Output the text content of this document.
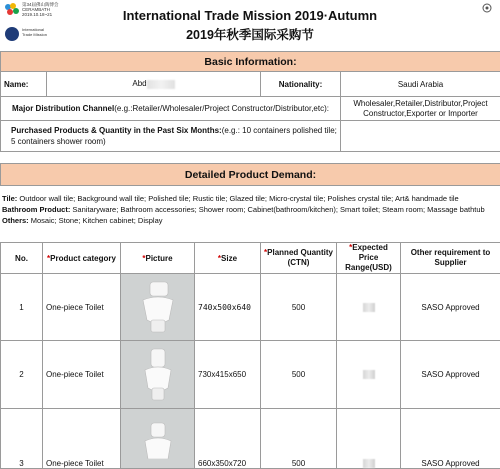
第34届佛山陶博会 CERAMBATH 2019.10.18~21
International Trade Mission
International Trade Mission 2019·Autumn
2019年秋季国际采购节
Basic Information:			
Name:	Abd	Nationality:	Saudi Arabia
Major Distribution Channel(e.g.:Retailer/Wholesaler/Project Constructor/Distributor,etc):			Wholesaler,Retailer,Distributor,Project Constructor,Exporter or Importer
Purchased Products & Quantity in the Past Six Months:(e.g.: 10 containers polished tile; 5 containers shower room)			

Detailed Product Demand:			
Tile: Outdoor wall tile; Background wall tile; Polished tile; Rustic tile; Glazed tile; Micro-crystal tile; Polishes crystal tile; Art& handmade tile
Bathroom Product: Sanitaryware; Bathroom accessories; Shower room; Cabinet(bathroom/kitchen); Smart toilet; Steam room; Massage bathtub
Others: Mosaic; Stone; Kitchen cabinet; Display
No.	*Product category	*Picture	*Size	*Planned Quantity (CTN)	*Expected Price Range(USD)	Other requirement to Supplier
1	One-piece Toilet		740x500x640	500		SASO Approved
2	One-piece Toilet		730x415x650	500		SASO Approved
3	One-piece Toilet		660x350x720	500		SASO Approved
